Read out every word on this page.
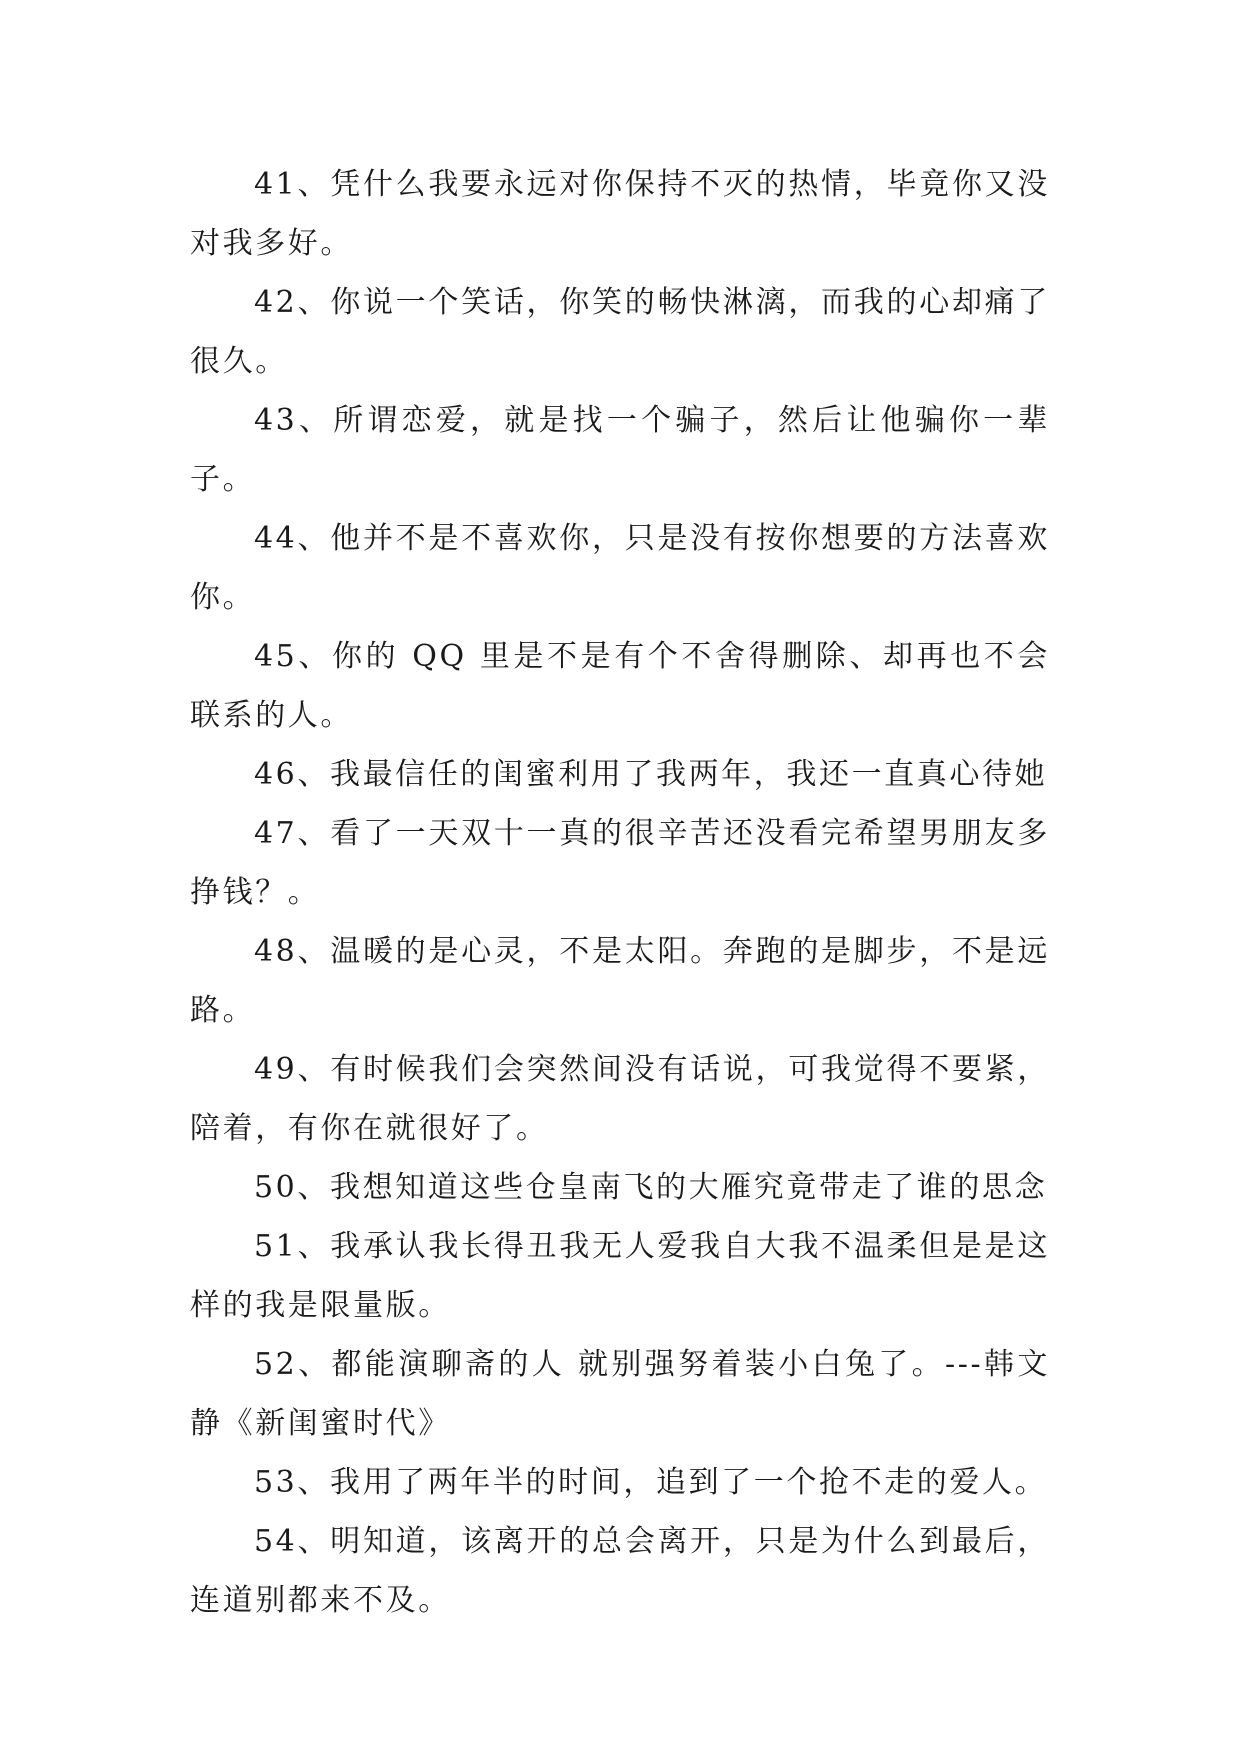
41、凭什么我要永远对你保持不灭的热情，毕竟你又没对我多好。

42、你说一个笑话，你笑的畅快淋漓，而我的心却痛了很久。

43、所谓恋爱，就是找一个骗子，然后让他骗你一辈子。

44、他并不是不喜欢你，只是没有按你想要的方法喜欢你。

45、你的 QQ 里是不是有个不舍得删除、却再也不会联系的人。

46、我最信任的闺蜜利用了我两年，我还一直真心待她

47、看了一天双十一真的很辛苦还没看完希望男朋友多挣钱？。

48、温暖的是心灵，不是太阳。奔跑的是脚步，不是远路。

49、有时候我们会突然间没有话说，可我觉得不要紧，陪着，有你在就很好了。

50、我想知道这些仓皇南飞的大雁究竟带走了谁的思念

51、我承认我长得丑我无人爱我自大我不温柔但是是这样的我是限量版。

52、都能演聊斋的人 就别强努着装小白兔了。---韩文静《新闺蜜时代》

53、我用了两年半的时间，追到了一个抢不走的爱人。

54、明知道，该离开的总会离开，只是为什么到最后，连道别都来不及。
